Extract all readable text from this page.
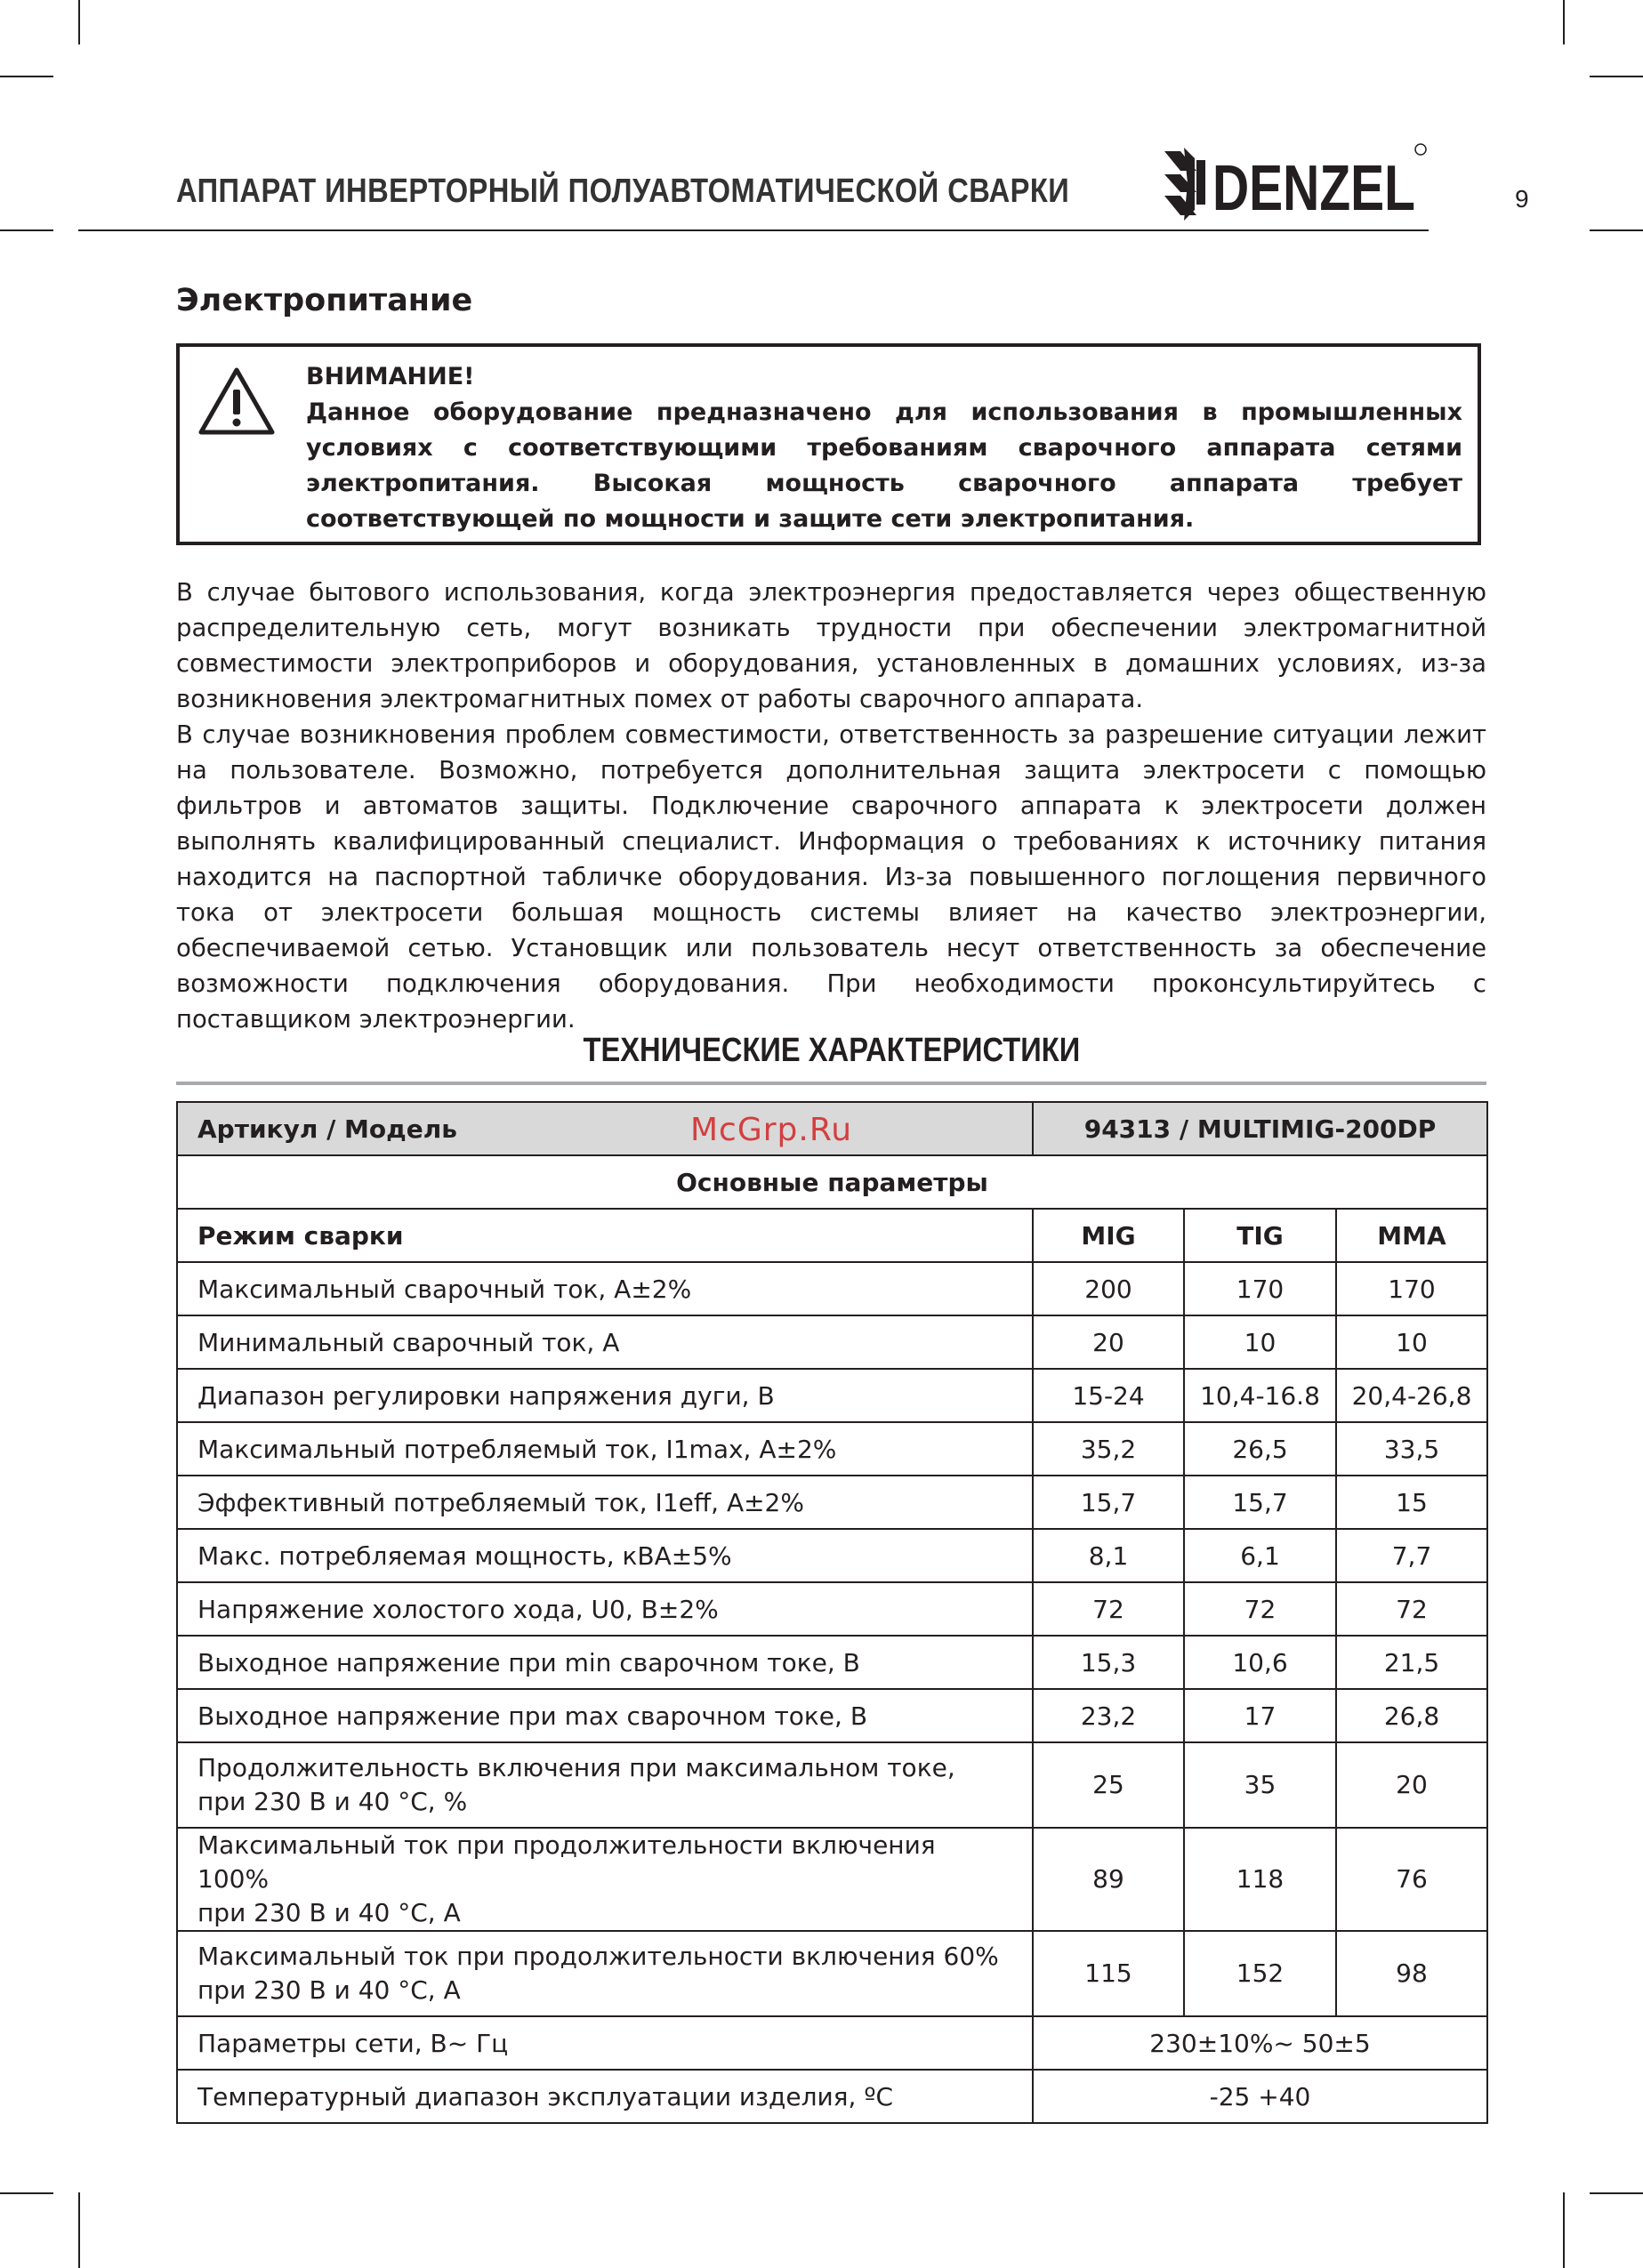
АППАРАТ ИНВЕРТОРНЫЙ ПОЛУАВТОМАТИЧЕСКОЙ СВАРКИ DENZEL	9
Электропитание
ВНИМАНИЕ!
Данное оборудование предназначено для использования в промышленных условиях с соответствующими требованиям сварочного аппарата сетями электропитания. Высокая мощность сварочного аппарата требует соответствующей по мощности и защите сети электропитания.

В случае бытового использования, когда электроэнергия предоставляется через общественную распределительную сеть, могут возникать трудности при обеспечении электромагнитной совместимости электроприборов и оборудования, установленных в домашних условиях, из-за возникновения электромагнитных помех от работы сварочного аппарата.

В случае возникновения проблем совместимости, ответственность за разрешение ситуации лежит на пользователе. Возможно, потребуется дополнительная защита электросети с помощью фильтров и автоматов защиты. Подключение сварочного аппарата к электросети должен выполнять квалифицированный специалист. Информация о требованиях к источнику питания находится на паспортной табличке оборудования. Из-за повышенного поглощения первичного тока от электросети большая мощность системы влияет на качество электроэнергии, обеспечиваемой сетью. Установщик или пользователь несут ответственность за обеспечение возможности подключения оборудования. При необходимости проконсультируйтесь с поставщиком электроэнергии.

ТЕХНИЧЕСКИЕ ХАРАКТЕРИСТИКИ
Артикул / Модель	94313 / MULTIMIG-200DP		
Основные параметры			
Режим сварки	MIG	TIG	MMA
Максимальный сварочный ток, А±2%	200	170	170
Минимальный сварочный ток, А	20	10	10
Диапазон регулировки напряжения дуги, В	15-24	10,4-16.8	20,4-26,8
Максимальный потребляемый ток, I1max, А±2%	35,2	26,5	33,5
Эффективный потребляемый ток, I1eff, А±2%	15,7	15,7	15
Макс. потребляемая мощность, кВА±5%	8,1	6,1	7,7
Напряжение холостого хода, U0, В±2%	72	72	72
Выходное напряжение при min сварочном токе, В	15,3	10,6	21,5
Выходное напряжение при max сварочном токе, В	23,2	17	26,8

Продолжительность включения при максимальном токе,
при 230 В и 40 °С, %	25	35	20

Максимальный ток при продолжительности включения 100%
при 230 В и 40 °С, А	89	118	76

Максимальный ток при продолжительности включения 60%
при 230 В и 40 °С, А	115	152	98
Параметры сети, В~ Гц	230±10%~ 50±5		
Температурный диапазон эксплуатации изделия, ºС	-25 +40		
McGrp.Ru
